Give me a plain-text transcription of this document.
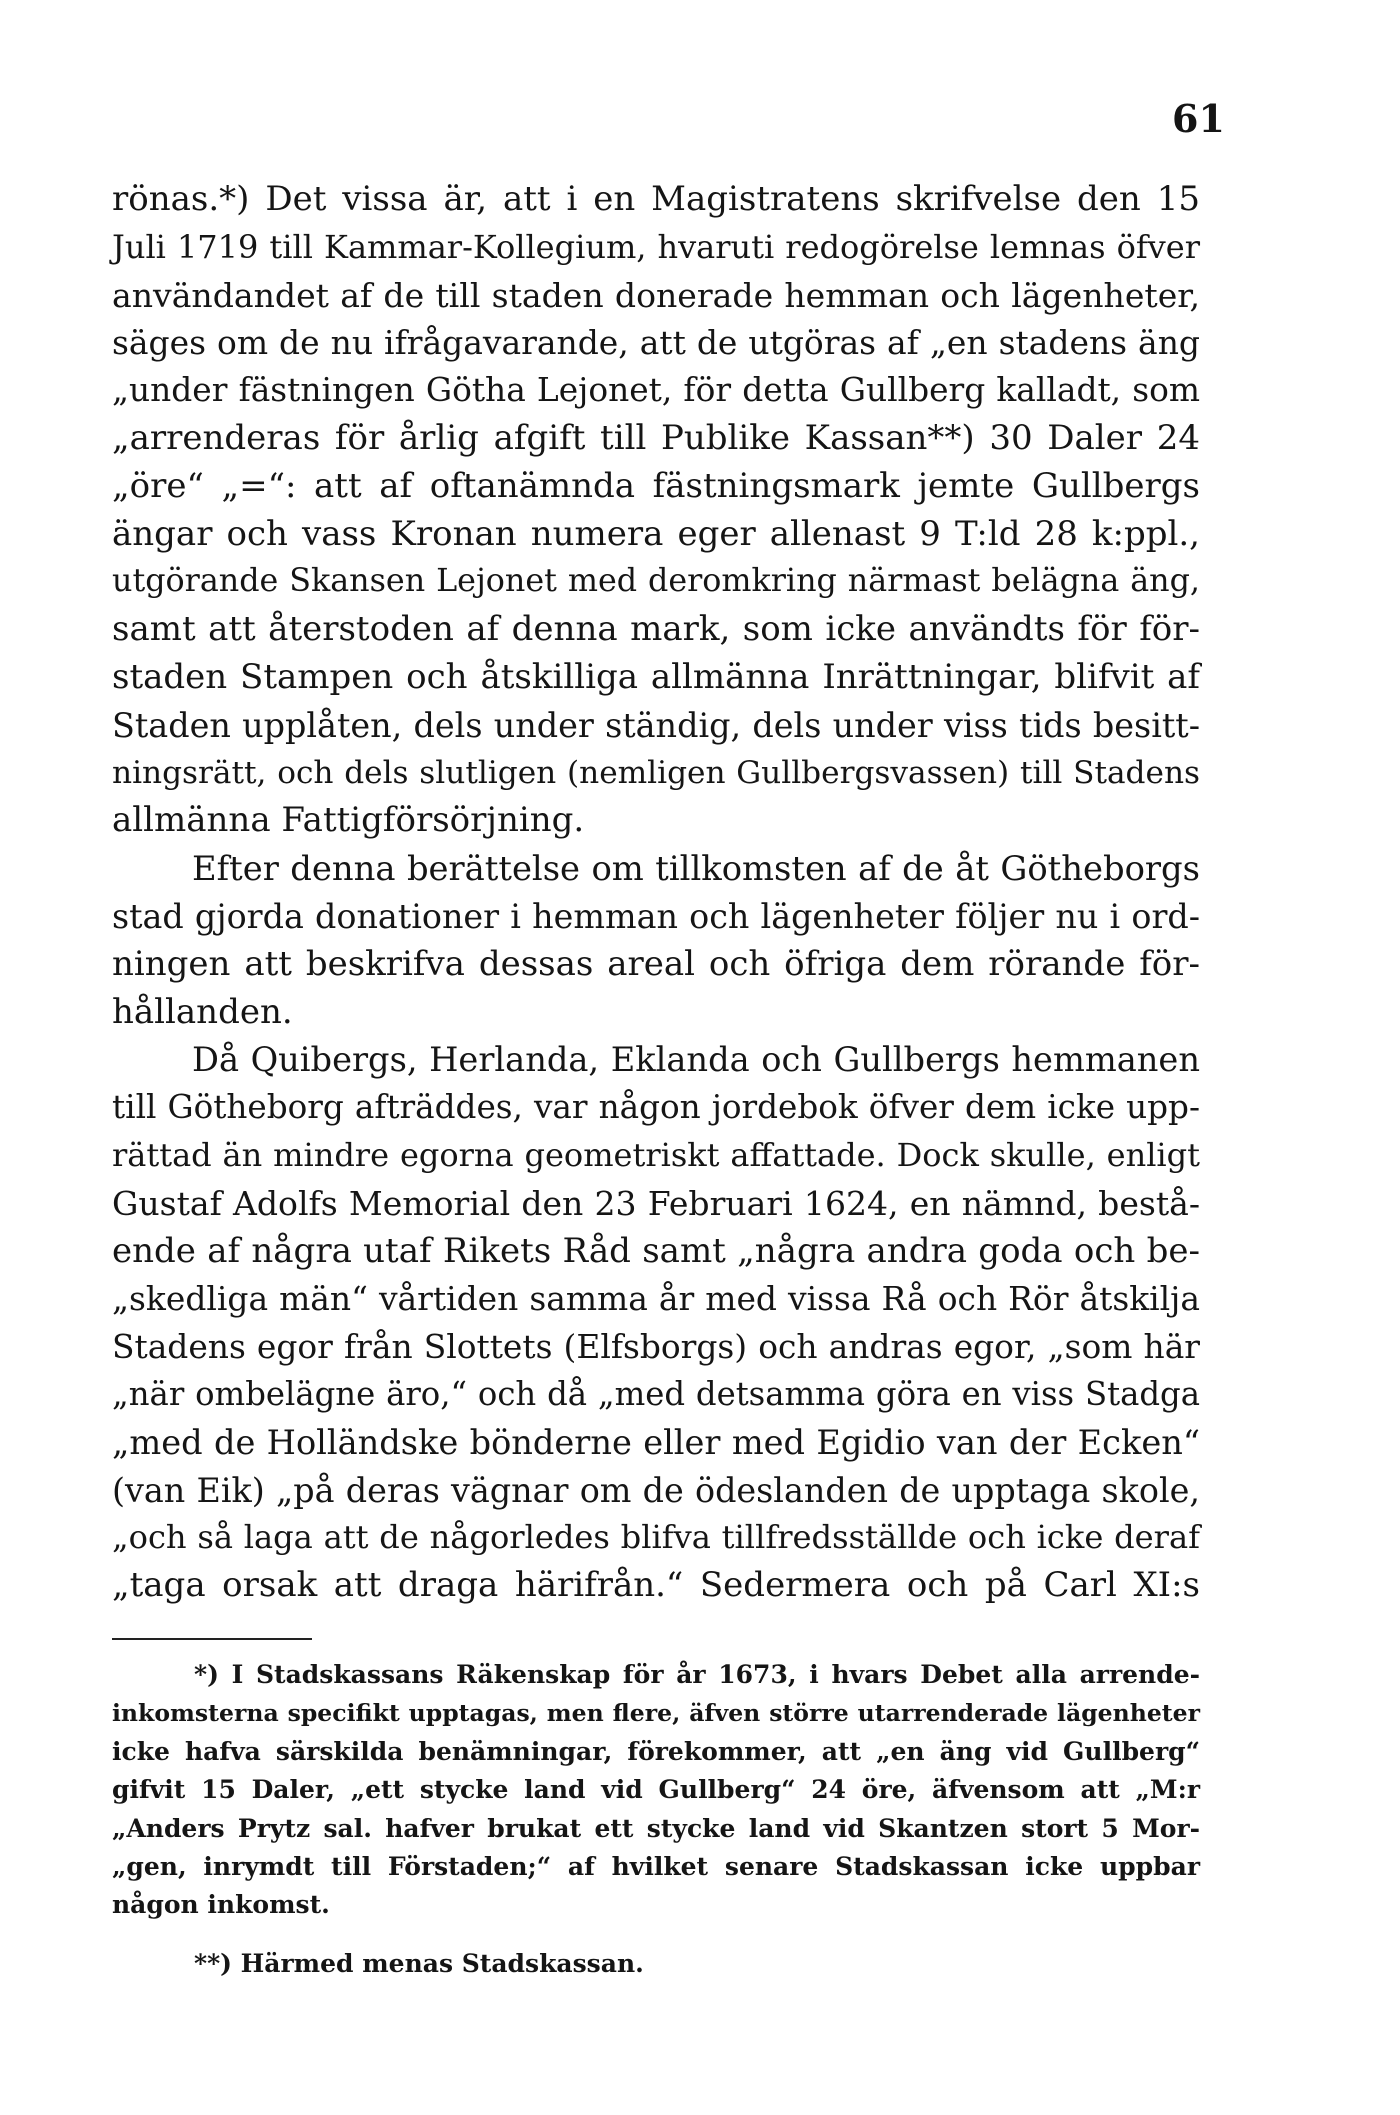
61
rönas.*) Det vissa är, att i en Magistratens skrifvelse den 15
Juli 1719 till Kammar-Kollegium, hvaruti redogörelse lemnas öfver
användandet af de till staden donerade hemman och lägenheter,
säges om de nu ifrågavarande, att de utgöras af „en stadens äng
„under fästningen Götha Lejonet, för detta Gullberg kalladt, som
„arrenderas för årlig afgift till Publike Kassan**) 30 Daler 24
„öre“ „=“: att af oftanämnda fästningsmark jemte Gullbergs
ängar och vass Kronan numera eger allenast 9 T:ld 28 k:ppl.,
utgörande Skansen Lejonet med deromkring närmast belägna äng,
samt att återstoden af denna mark, som icke användts för för-
staden Stampen och åtskilliga allmänna Inrättningar, blifvit af
Staden upplåten, dels under ständig, dels under viss tids besitt-
ningsrätt, och dels slutligen (nemligen Gullbergsvassen) till Stadens
allmänna Fattigförsörjning.
Efter denna berättelse om tillkomsten af de åt Götheborgs
stad gjorda donationer i hemman och lägenheter följer nu i ord-
ningen att beskrifva dessas areal och öfriga dem rörande för-
hållanden.
Då Quibergs, Herlanda, Eklanda och Gullbergs hemmanen
till Götheborg afträddes, var någon jordebok öfver dem icke upp-
rättad än mindre egorna geometriskt affattade. Dock skulle, enligt
Gustaf Adolfs Memorial den 23 Februari 1624, en nämnd, bestå-
ende af några utaf Rikets Råd samt „några andra goda och be-
„skedliga män“ vårtiden samma år med vissa Rå och Rör åtskilja
Stadens egor från Slottets (Elfsborgs) och andras egor, „som här
„när ombelägne äro,“ och då „med detsamma göra en viss Stadga
„med de Holländske bönderne eller med Egidio van der Ecken“
(van Eik) „på deras vägnar om de ödeslanden de upptaga skole,
„och så laga att de någorledes blifva tillfredsställde och icke deraf
„taga orsak att draga härifrån.“ Sedermera och på Carl XI:s
*) I Stadskassans Räkenskap för år 1673, i hvars Debet alla arrende-
inkomsterna specifikt upptagas, men flere, äfven större utarrenderade lägenheter
icke hafva särskilda benämningar, förekommer, att „en äng vid Gullberg“
gifvit 15 Daler, „ett stycke land vid Gullberg“ 24 öre, äfvensom att „M:r
„Anders Prytz sal. hafver brukat ett stycke land vid Skantzen stort 5 Mor-
„gen, inrymdt till Förstaden;“ af hvilket senare Stadskassan icke uppbar
någon inkomst.
**) Härmed menas Stadskassan.
